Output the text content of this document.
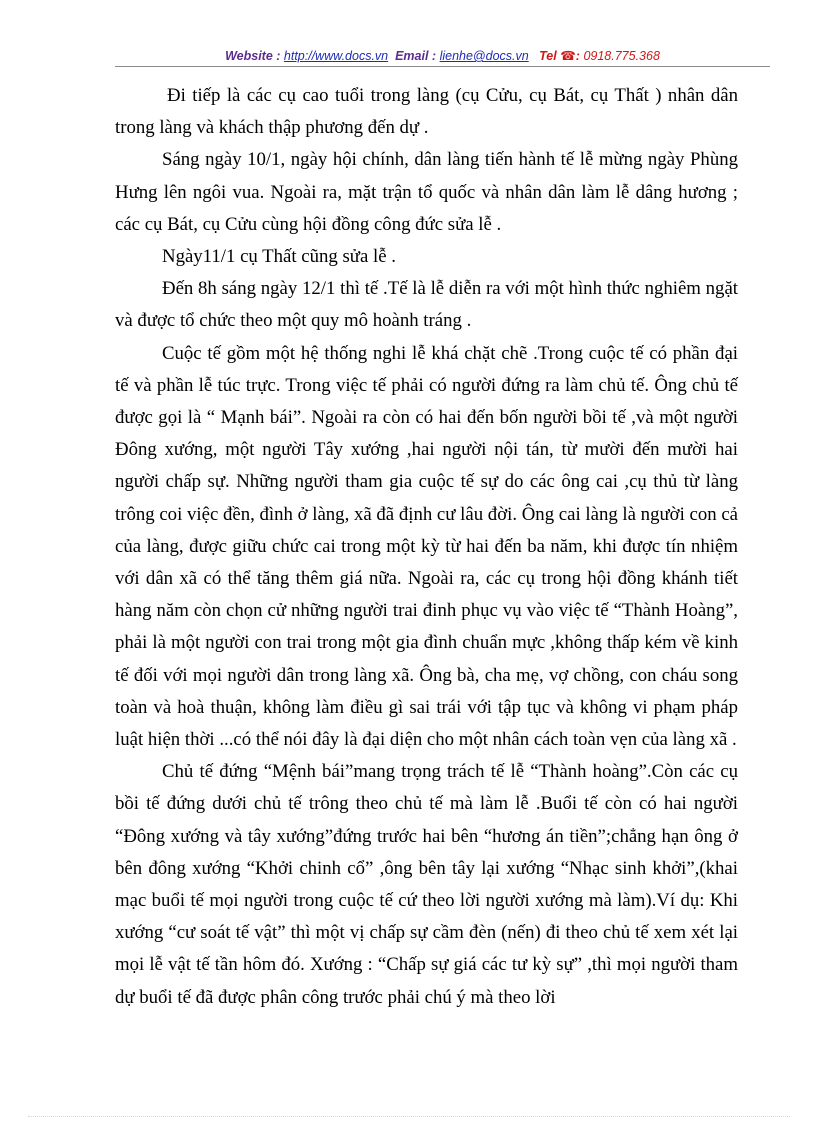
Website : http://www.docs.vn Email : lienhe@docs.vn Tel ☎: 0918.775.368

Đi tiếp là các cụ cao tuổi trong làng (cụ Cửu, cụ Bát, cụ Thất ) nhân dân trong làng và khách thập phương đến dự .

Sáng ngày 10/1, ngày hội chính, dân làng tiến hành tế lễ mừng ngày Phùng Hưng lên ngôi vua. Ngoài ra, mặt trận tổ quốc và nhân dân làm lễ dâng hương ; các cụ Bát, cụ Cửu cùng hội đồng công đức sửa lễ .

Ngày11/1 cụ Thất cũng sửa lễ .

Đến 8h sáng ngày 12/1 thì tế .Tế là lễ diễn ra với một hình thức nghiêm ngặt và được tổ chức theo một quy mô hoành tráng .

Cuộc tế gồm một hệ thống nghi lễ khá chặt chẽ .Trong cuộc tế có phần đại tế và phần lễ túc trực. Trong việc tế phải có người đứng ra làm chủ tế. Ông chủ tế được gọi là “ Mạnh bái”. Ngoài ra còn có hai đến bốn người bồi tế ,và một người Đông xướng, một người Tây xướng ,hai người nội tán, từ mười đến mười hai người chấp sự. Những người tham gia cuộc tế sự do các ông cai ,cụ thủ từ làng trông coi việc đền, đình ở làng, xã đã định cư lâu đời. Ông cai làng là người con cả của làng, được giữu chức cai trong một kỳ từ hai đến ba năm, khi được tín nhiệm với dân xã có thể tăng thêm giá nữa. Ngoài ra, các cụ trong hội đồng khánh tiết hàng năm còn chọn cử những người trai đinh phục vụ vào việc tế “Thành Hoàng”, phải là một người con trai trong một gia đình chuẩn mực ,không thấp kém về kinh tế đối với mọi người dân trong làng xã. Ông bà, cha mẹ, vợ chồng, con cháu song toàn và hoà thuận, không làm điều gì sai trái với tập tục và không vi phạm pháp luật hiện thời ...có thể nói đây là đại diện cho một nhân cách toàn vẹn của làng xã .

Chủ tế đứng “Mệnh bái”mang trọng trách tế lễ “Thành hoàng”.Còn các cụ bồi tế đứng dưới chủ tế trông theo chủ tế mà làm lễ .Buổi tế còn có hai người “Đông xướng và tây xướng”đứng trước hai bên “hương án tiền”;chẳng hạn ông ở bên đông xướng “Khởi chinh cổ” ,ông bên tây lại xướng “Nhạc sinh khởi”,(khai mạc buổi tế mọi người trong cuộc tế cứ theo lời người xướng mà làm).Ví dụ: Khi xướng “cư soát tế vật” thì một vị chấp sự cầm đèn (nến) đi theo chủ tế xem xét lại mọi lễ vật tế tần hôm đó. Xướng : “Chấp sự giá các tư kỳ sự” ,thì mọi người tham dự buổi tế đã được phân công trước phải chú ý mà theo lời
